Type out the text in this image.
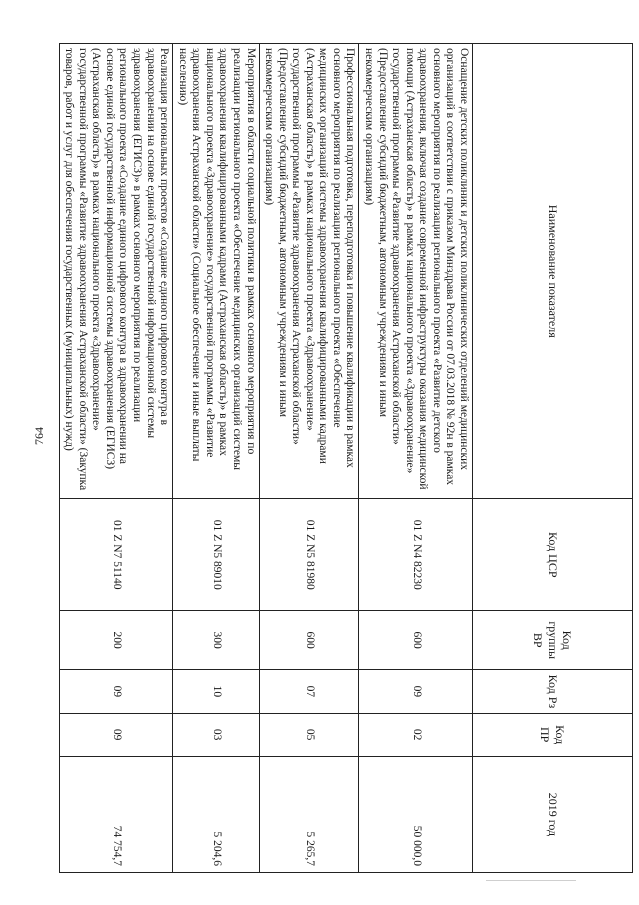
764
Наименование показателя	Код ЦСР	Код группы ВР	Код Рз	Код ПР	2019 год
Оснащение детских поликлиник и детских поликлинических отделений медицинских организаций в соответствии с приказом Минздрава России от 07.03.2018 № 92н в рамках основного мероприятия по реализации регионального проекта «Развитие детского здравоохранения, включая создание современной инфраструктуры оказания медицинской помощи (Астраханская область)» в рамках национального проекта «Здравоохранение» государственной программы «Развитие здравоохранения Астраханской области» (Предоставление субсидий бюджетным, автономным учреждениям и иным некоммерческим организациям)	01 Z N4 82230	600	09	02	50 000,0
Профессиональная подготовка, переподготовка и повышение квалификации в рамках основного мероприятия по реализации регионального проекта «Обеспечение медицинских организаций системы здравоохранения квалифицированными кадрами (Астраханская область)» в рамках национального проекта «Здравоохранение» государственной программы «Развитие здравоохранения Астраханской области» (Предоставление субсидий бюджетным, автономным учреждениям и иным некоммерческим организациям)	01 Z N5 81980	600	07	05	5 265,7
Мероприятия в области социальной политики в рамках основного мероприятия по реализации регионального проекта «Обеспечение медицинских организаций системы здравоохранения квалифицированными кадрами (Астраханская область)» в рамках национального проекта «Здравоохранение» государственной программы «Развитие здравоохранения Астраханской области» (Социальное обеспечение и иные выплаты населению)	01 Z N5 89010	300	10	03	5 204,6
Реализация региональных проектов «Создание единого цифрового контура в здравоохранении на основе единой государственной информационной системы здравоохранения (ЕГИСЗ)» в рамках основного мероприятия по реализации регионального проекта «Создание единого цифрового контура в здравоохранении на основе единой государственной информационной системы здравоохранения (ЕГИСЗ) (Астраханская область)» в рамках национального проекта «Здравоохранение» государственной программы «Развитие здравоохранения Астраханской области» (Закупка товаров, работ и услуг для обеспечения государственных (муниципальных) нужд)	01 Z N7 51140	200	09	09	74 754,7
